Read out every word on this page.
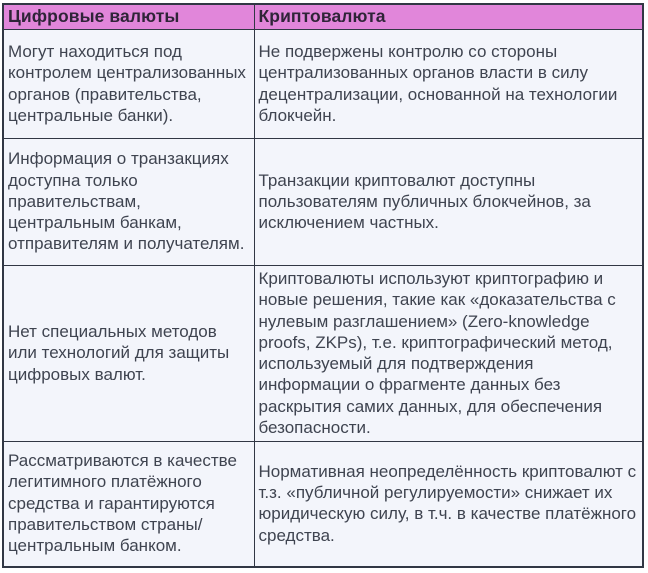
Цифровые валюты	Криптовалюта
Могут находиться под контролем централизованных органов (правительства, центральные банки).	Не подвержены контролю со стороны централизованных органов власти в силу децентрализации, основанной на технологии блокчейн.
Информация о транзакциях доступна только правительствам, центральным банкам, отправителям и получателям.	Транзакции криптовалют доступны пользователям публичных блокчейнов, за исключением частных.
Нет специальных методов или технологий для защиты цифровых валют.	Криптовалюты используют криптографию и новые решения, такие как «доказательства с нулевым разглашением» (Zero-knowledge proofs, ZKPs), т.е. криптографический метод, используемый для подтверждения информации о фрагменте данных без раскрытия самих данных, для обеспечения безопасности.
Рассматриваются в качестве легитимного платёжного средства и гарантируются правительством страны/ центральным банком.	Нормативная неопределённость криптовалют с т.з. «публичной регулируемости» снижает их юридическую силу, в т.ч. в качестве платёжного средства.
